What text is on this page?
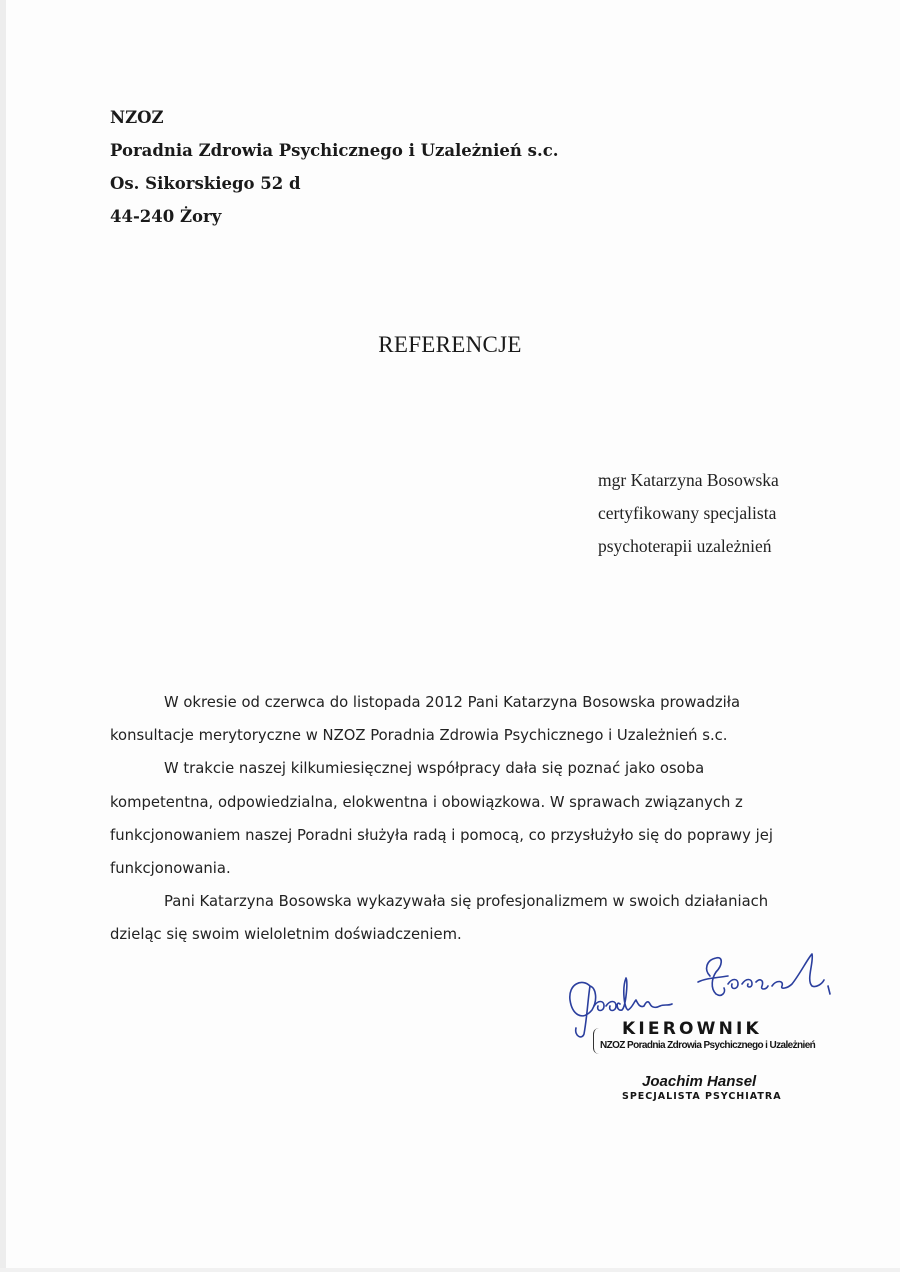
NZOZ
Poradnia Zdrowia Psychicznego i Uzależnień s.c.
Os. Sikorskiego 52 d
44-240 Żory
REFERENCJE
mgr Katarzyna Bosowska
certyfikowany specjalista
psychoterapii uzależnień
W okresie od czerwca do listopada 2012 Pani Katarzyna Bosowska prowadziła
konsultacje merytoryczne w NZOZ Poradnia Zdrowia Psychicznego i Uzależnień s.c.
W trakcie naszej kilkumiesięcznej współpracy dała się poznać jako osoba
kompetentna, odpowiedzialna, elokwentna i obowiązkowa. W sprawach związanych z
funkcjonowaniem naszej Poradni służyła radą i pomocą, co przysłużyło się do poprawy jej
funkcjonowania.
Pani Katarzyna Bosowska wykazywała się profesjonalizmem w swoich działaniach
dzieląc się swoim wieloletnim doświadczeniem.
KIEROWNIK
NZOZ Poradnia Zdrowia Psychicznego i Uzależnień
Joachim Hansel
SPECJALISTA PSYCHIATRA
